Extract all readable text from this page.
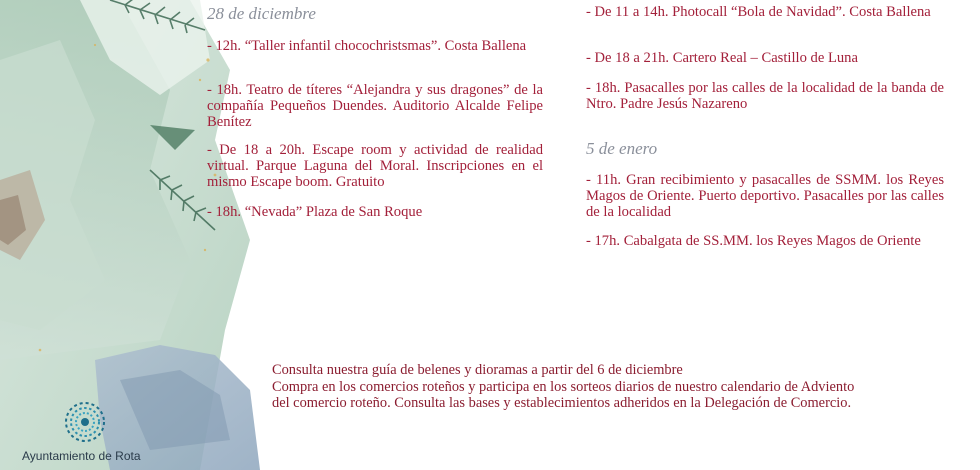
28 de diciembre

- 12h. “Taller infantil chocochristsmas”. Costa Ballena

- 18h. Teatro de títeres “Alejandra y sus dragones” de la compañía Pequeños Duendes. Auditorio Alcalde Felipe Benítez

- De 18 a 20h. Escape room y actividad de realidad virtual. Parque Laguna del Moral. Inscripciones en el mismo Escape boom. Gratuito

- 18h. “Nevada” Plaza de San Roque

- De 11 a 14h. Photocall “Bola de Navidad”. Costa Ballena

- De 18 a 21h. Cartero Real – Castillo de Luna

- 18h. Pasacalles por las calles de la localidad de la banda de Ntro. Padre Jesús Nazareno

5 de enero

- 11h. Gran recibimiento y pasacalles de SSMM. los Reyes Magos de Oriente. Puerto deportivo. Pasacalles por las calles de la localidad

- 17h. Cabalgata de SS.MM. los Reyes Magos de Oriente

Consulta nuestra guía de belenes y dioramas a partir del 6 de diciembre

Compra en los comercios roteños y participa en los sorteos diarios de nuestro calendario de Adviento

del comercio roteño. Consulta las bases y establecimientos adheridos en la Delegación de Comercio.

Ayuntamiento de Rota
